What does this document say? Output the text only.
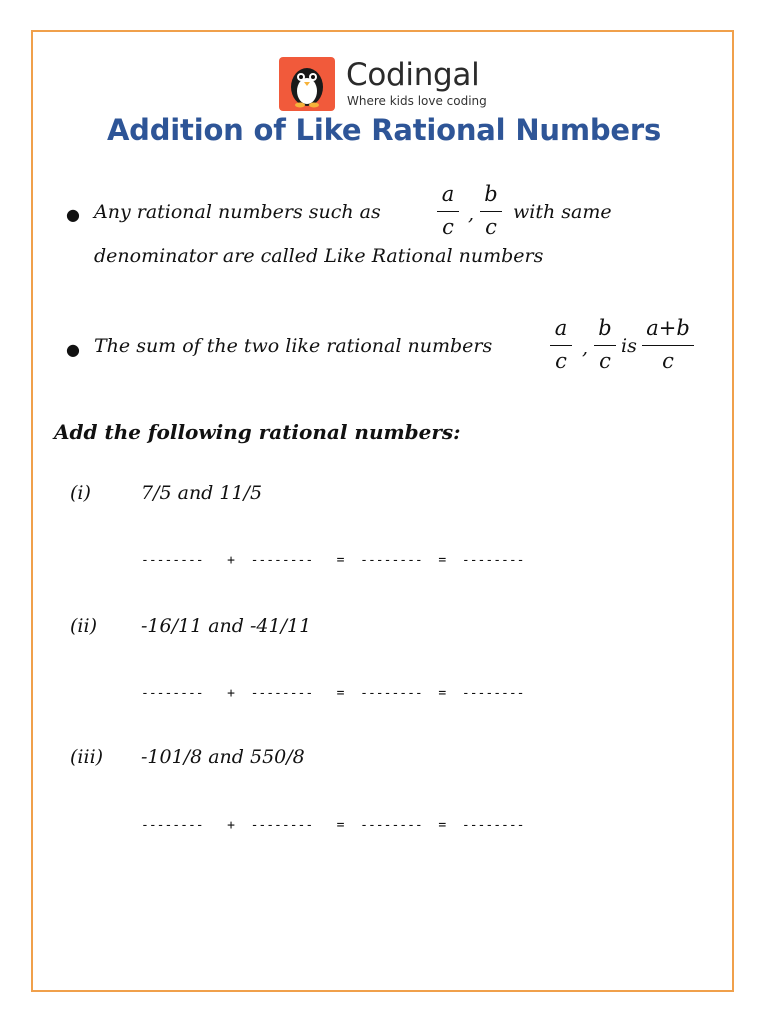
Codingal
Where kids love coding
Addition of Like Rational Numbers
● Any rational numbers such as
a
c
,
b
c
with same
denominator are called Like Rational numbers
● The sum of the two like rational numbers
a
c
,
b
c
is
a+b
c
Add the following rational numbers:
(i)	7/5 and 11/5
--------   +  --------   =  --------  =  --------
(ii) -16/11 and -41/11
--------   +  --------   =  --------  =  --------
(iii) -101/8 and 550/8
--------   +  --------   =  --------  =  --------
